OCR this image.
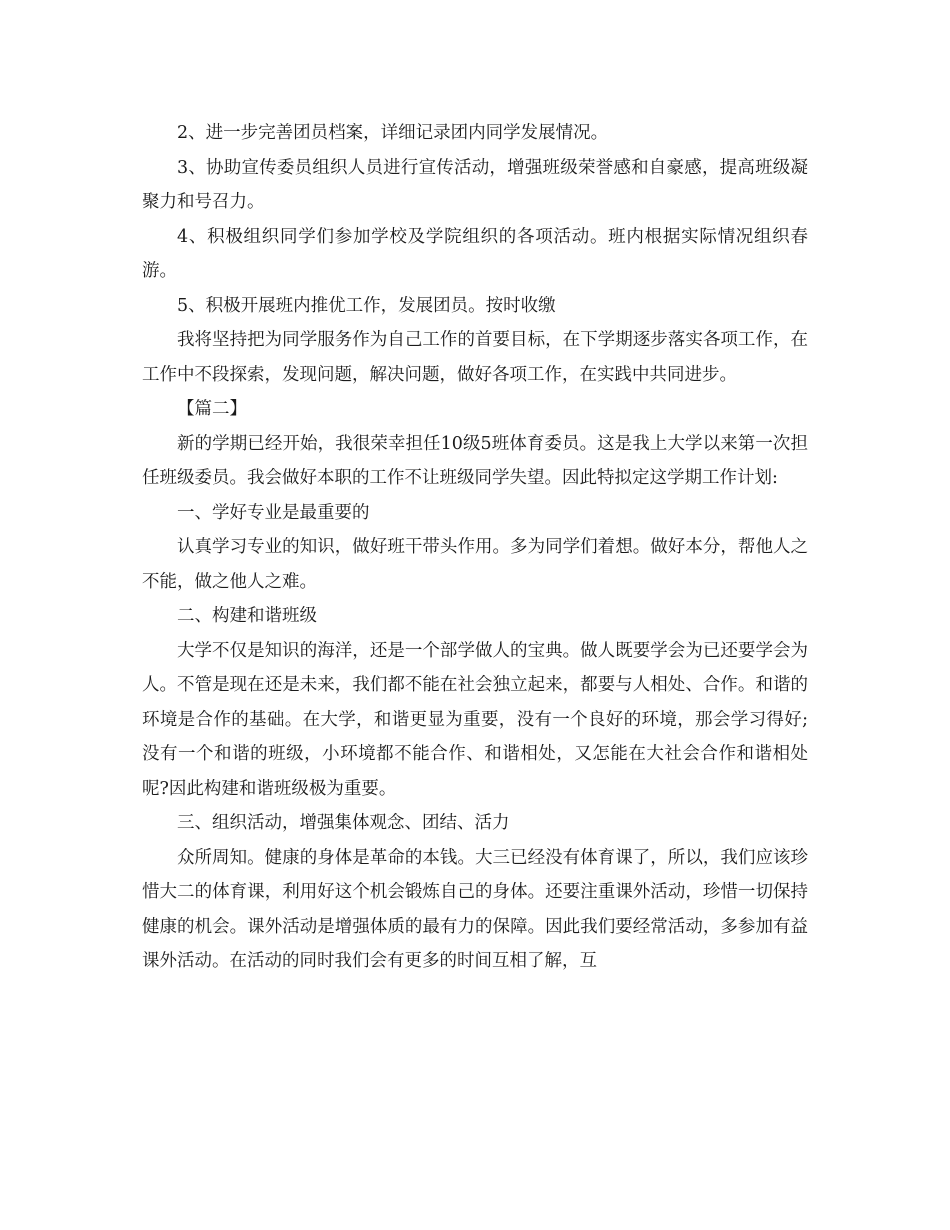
2、进一步完善团员档案，详细记录团内同学发展情况。

3、协助宣传委员组织人员进行宣传活动，增强班级荣誉感和自豪感，提高班级凝聚力和号召力。

4、积极组织同学们参加学校及学院组织的各项活动。班内根据实际情况组织春游。

5、积极开展班内推优工作，发展团员。按时收缴

我将坚持把为同学服务作为自己工作的首要目标，在下学期逐步落实各项工作，在工作中不段探索，发现问题，解决问题，做好各项工作，在实践中共同进步。

【篇二】

新的学期已经开始，我很荣幸担任10级5班体育委员。这是我上大学以来第一次担任班级委员。我会做好本职的工作不让班级同学失望。因此特拟定这学期工作计划:

一、学好专业是最重要的

认真学习专业的知识，做好班干带头作用。多为同学们着想。做好本分，帮他人之不能，做之他人之难。

二、构建和谐班级

大学不仅是知识的海洋，还是一个部学做人的宝典。做人既要学会为已还要学会为人。不管是现在还是未来，我们都不能在社会独立起来，都要与人相处、合作。和谐的环境是合作的基础。在大学，和谐更显为重要，没有一个良好的环境，那会学习得好;没有一个和谐的班级，小环境都不能合作、和谐相处，又怎能在大社会合作和谐相处呢?因此构建和谐班级极为重要。

三、组织活动，增强集体观念、团结、活力

众所周知。健康的身体是革命的本钱。大三已经没有体育课了，所以，我们应该珍惜大二的体育课，利用好这个机会锻炼自己的身体。还要注重课外活动，珍惜一切保持健康的机会。课外活动是增强体质的最有力的保障。因此我们要经常活动，多参加有益课外活动。在活动的同时我们会有更多的时间互相了解，互
